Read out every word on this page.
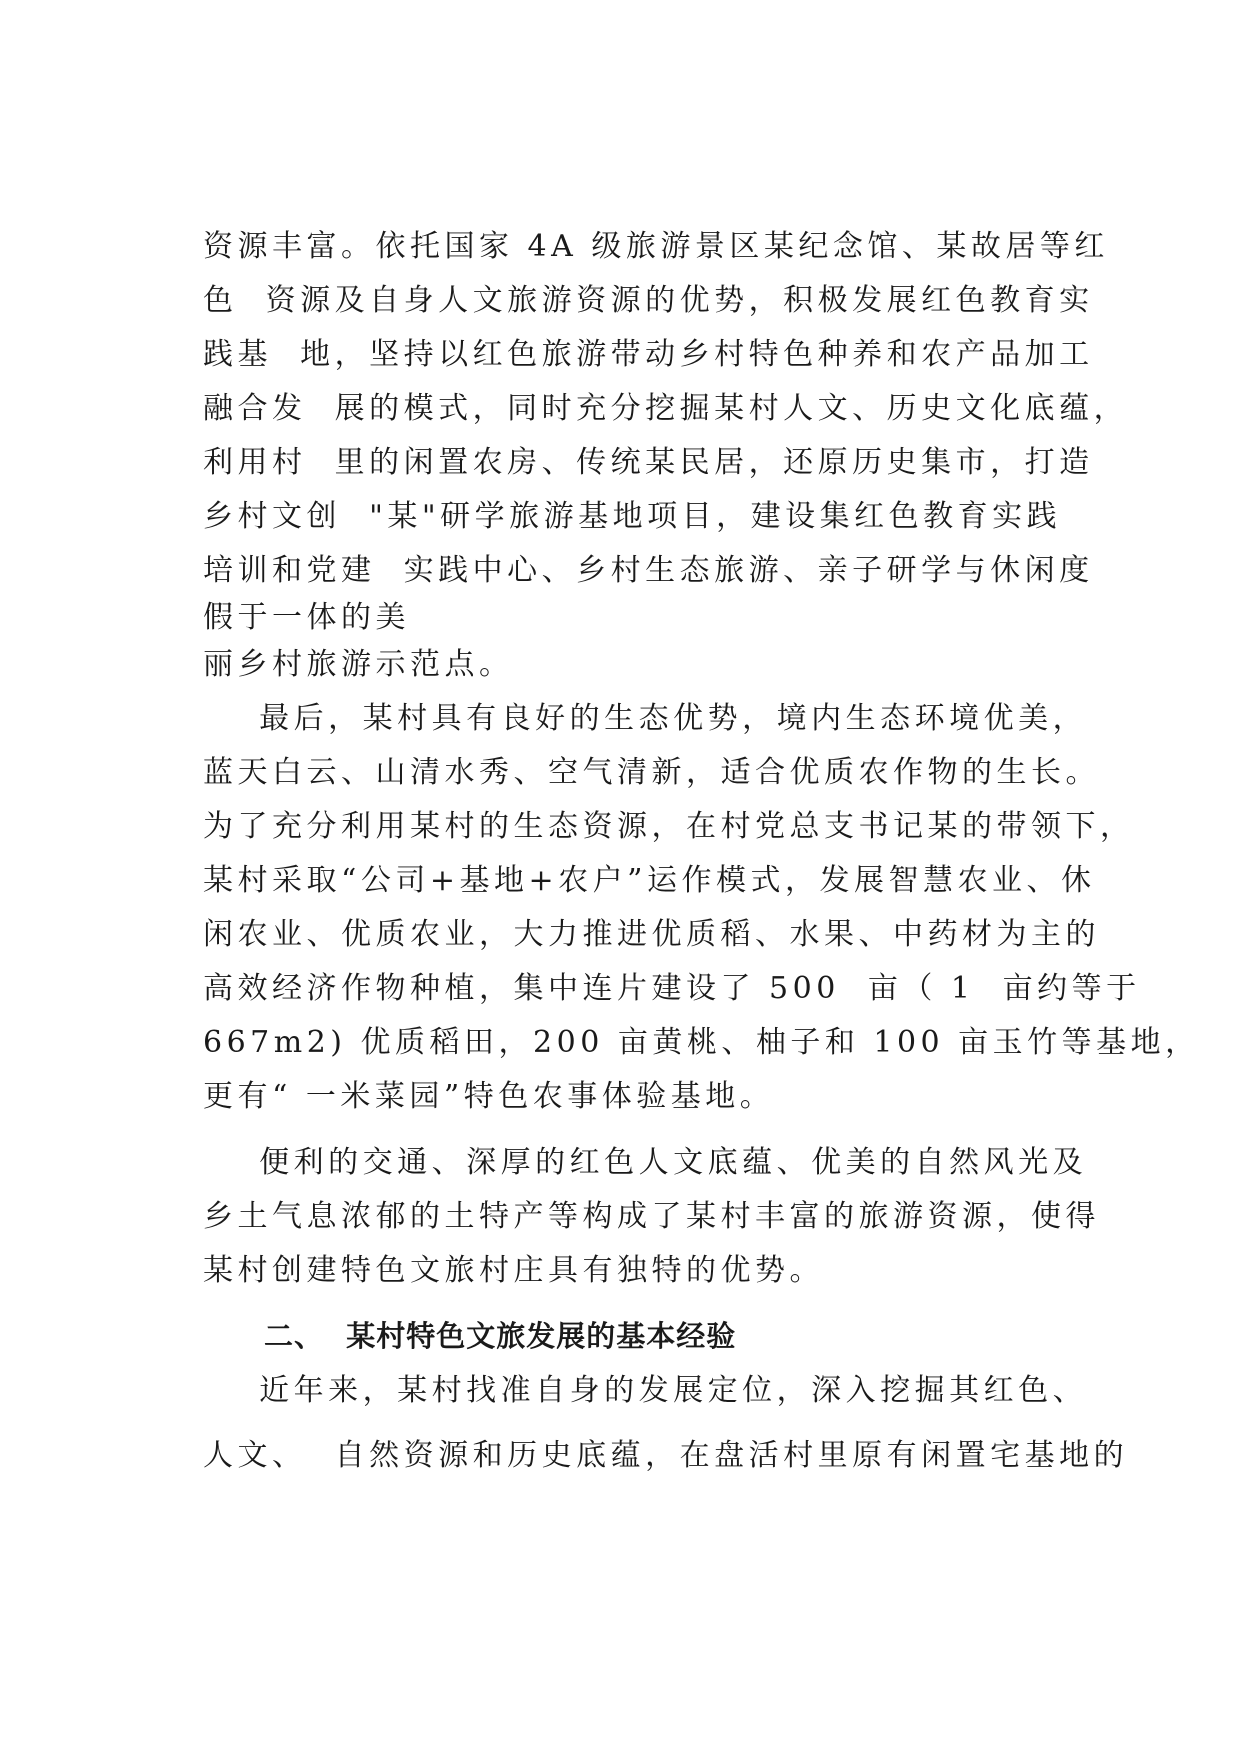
资源丰富。依托国家 4A 级旅游景区某纪念馆、某故居等红
色  资源及自身人文旅游资源的优势，积极发展红色教育实
践基  地，坚持以红色旅游带动乡村特色种养和农产品加工
融合发  展的模式，同时充分挖掘某村人文、历史文化底蕴，
利用村  里的闲置农房、传统某民居，还原历史集市，打造
乡村文创  "某"研学旅游基地项目，建设集红色教育实践
培训和党建  实践中心、乡村生态旅游、亲子研学与休闲度
假于一体的美
丽乡村旅游示范点。
最后，某村具有良好的生态优势，境内生态环境优美，
蓝天白云、山清水秀、空气清新，适合优质农作物的生长。
为了充分利用某村的生态资源，在村党总支书记某的带领下，
某村采取“公司+基地+农户”运作模式，发展智慧农业、休
闲农业、优质农业，大力推进优质稻、水果、中药材为主的
高效经济作物种植，集中连片建设了 500  亩（ 1  亩约等于
667m2) 优质稻田，200 亩黄桃、柚子和 100 亩玉竹等基地，
更有“ 一米菜园”特色农事体验基地。
便利的交通、深厚的红色人文底蕴、优美的自然风光及
乡土气息浓郁的土特产等构成了某村丰富的旅游资源，使得
某村创建特色文旅村庄具有独特的优势。
二、  某村特色文旅发展的基本经验
近年来，某村找准自身的发展定位，深入挖掘其红色、
人文、  自然资源和历史底蕴，在盘活村里原有闲置宅基地的
